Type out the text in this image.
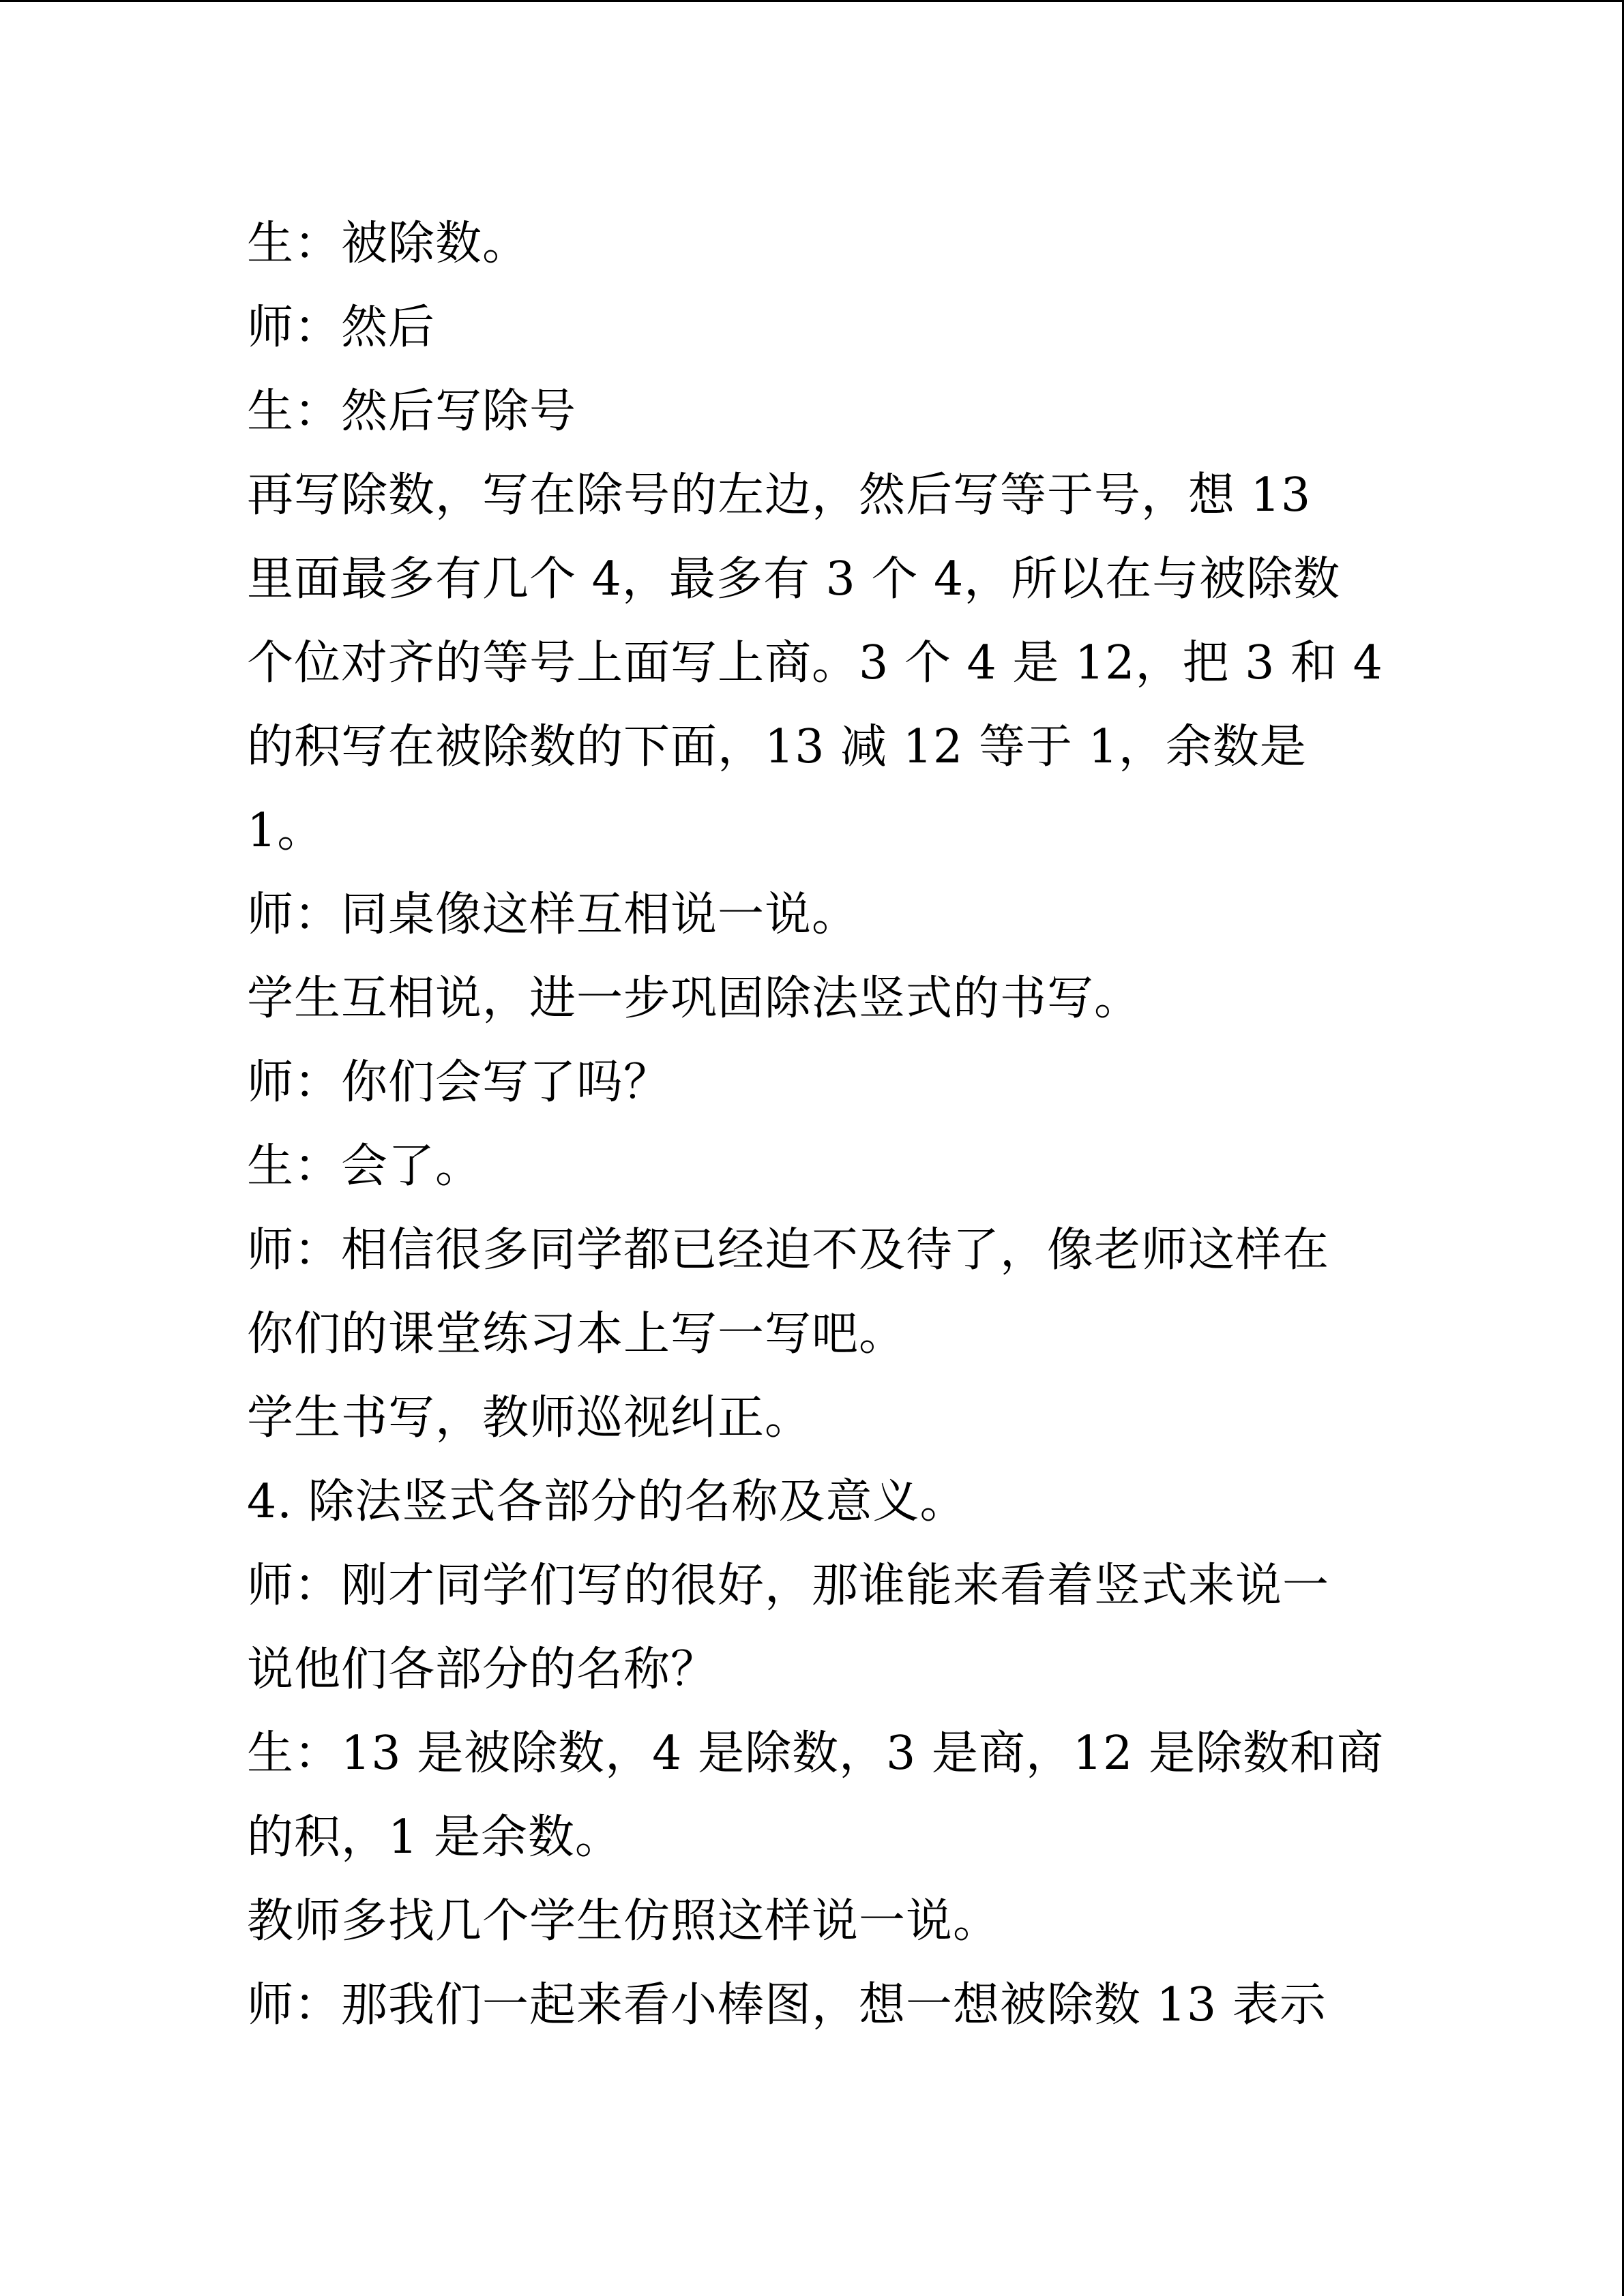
生：被除数。
师：然后
生：然后写除号
再写除数，写在除号的左边，然后写等于号，想 13
里面最多有几个 4，最多有 3 个 4，所以在与被除数
个位对齐的等号上面写上商。3 个 4 是 12，把 3 和 4
的积写在被除数的下面，13 减 12 等于 1，余数是
1。
师：同桌像这样互相说一说。
学生互相说，进一步巩固除法竖式的书写。
师：你们会写了吗？
生：会了。
师：相信很多同学都已经迫不及待了，像老师这样在
你们的课堂练习本上写一写吧。
学生书写，教师巡视纠正。
4. 除法竖式各部分的名称及意义。
师：刚才同学们写的很好，那谁能来看着竖式来说一
说他们各部分的名称？
生：13 是被除数，4 是除数，3 是商，12 是除数和商
的积，1 是余数。
教师多找几个学生仿照这样说一说。
师：那我们一起来看小棒图，想一想被除数 13 表示
